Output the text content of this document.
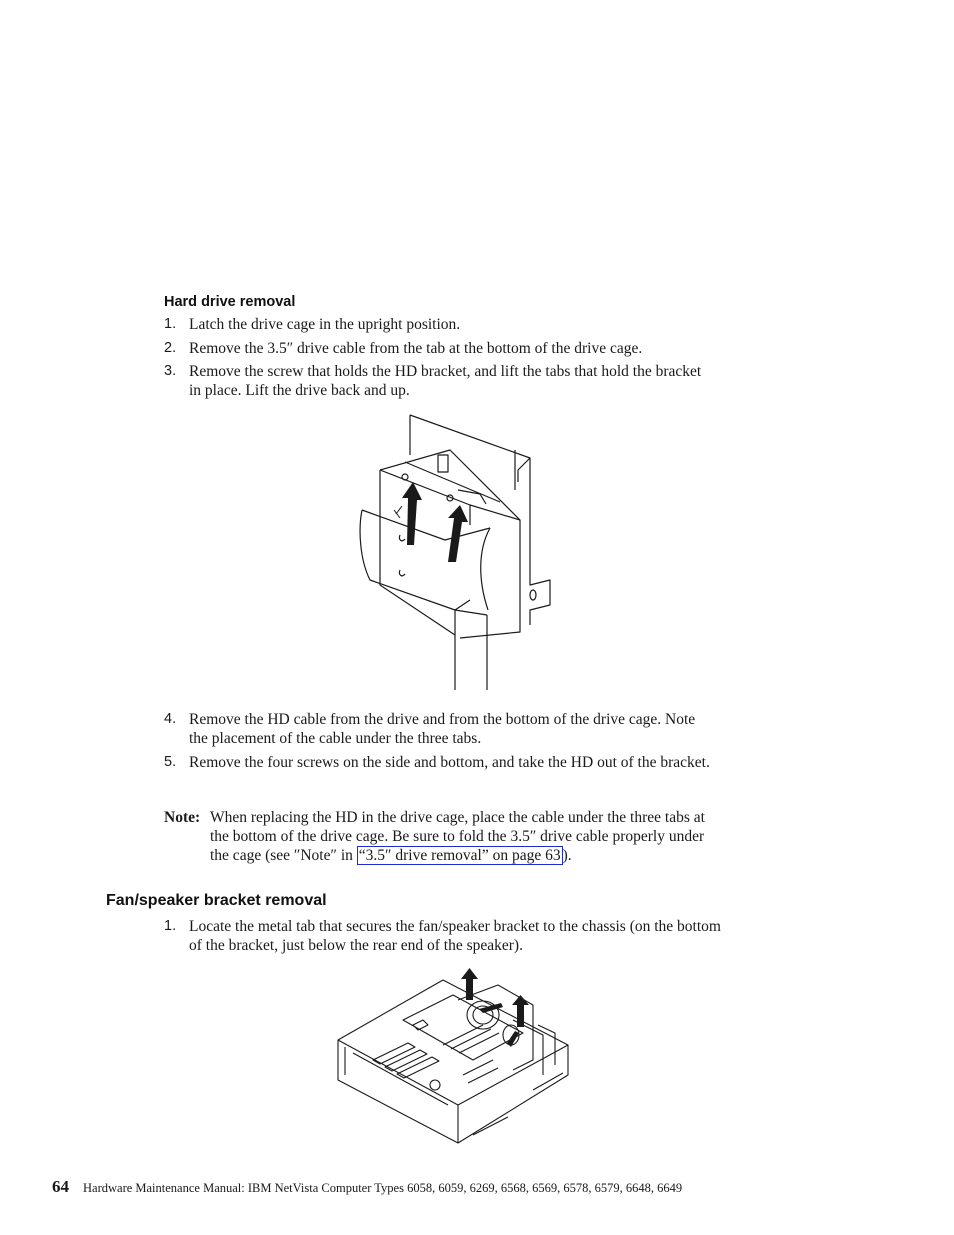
Hard drive removal
1. Latch the drive cage in the upright position.
2. Remove the 3.5″ drive cable from the tab at the bottom of the drive cage.
3. Remove the screw that holds the HD bracket, and lift the tabs that hold the bracket in place. Lift the drive back and up.
4. Remove the HD cable from the drive and from the bottom of the drive cage. Note the placement of the cable under the three tabs.
5. Remove the four screws on the side and bottom, and take the HD out of the bracket.
Note: When replacing the HD in the drive cage, place the cable under the three tabs at the bottom of the drive cage. Be sure to fold the 3.5″ drive cable properly under the cage (see ″Note″ in “3.5″ drive removal” on page 63 ).
Fan/speaker bracket removal
1. Locate the metal tab that secures the fan/speaker bracket to the chassis (on the bottom of the bracket, just below the rear end of the speaker).
64 Hardware Maintenance Manual: IBM NetVista Computer Types 6058, 6059, 6269, 6568, 6569, 6578, 6579, 6648, 6649
